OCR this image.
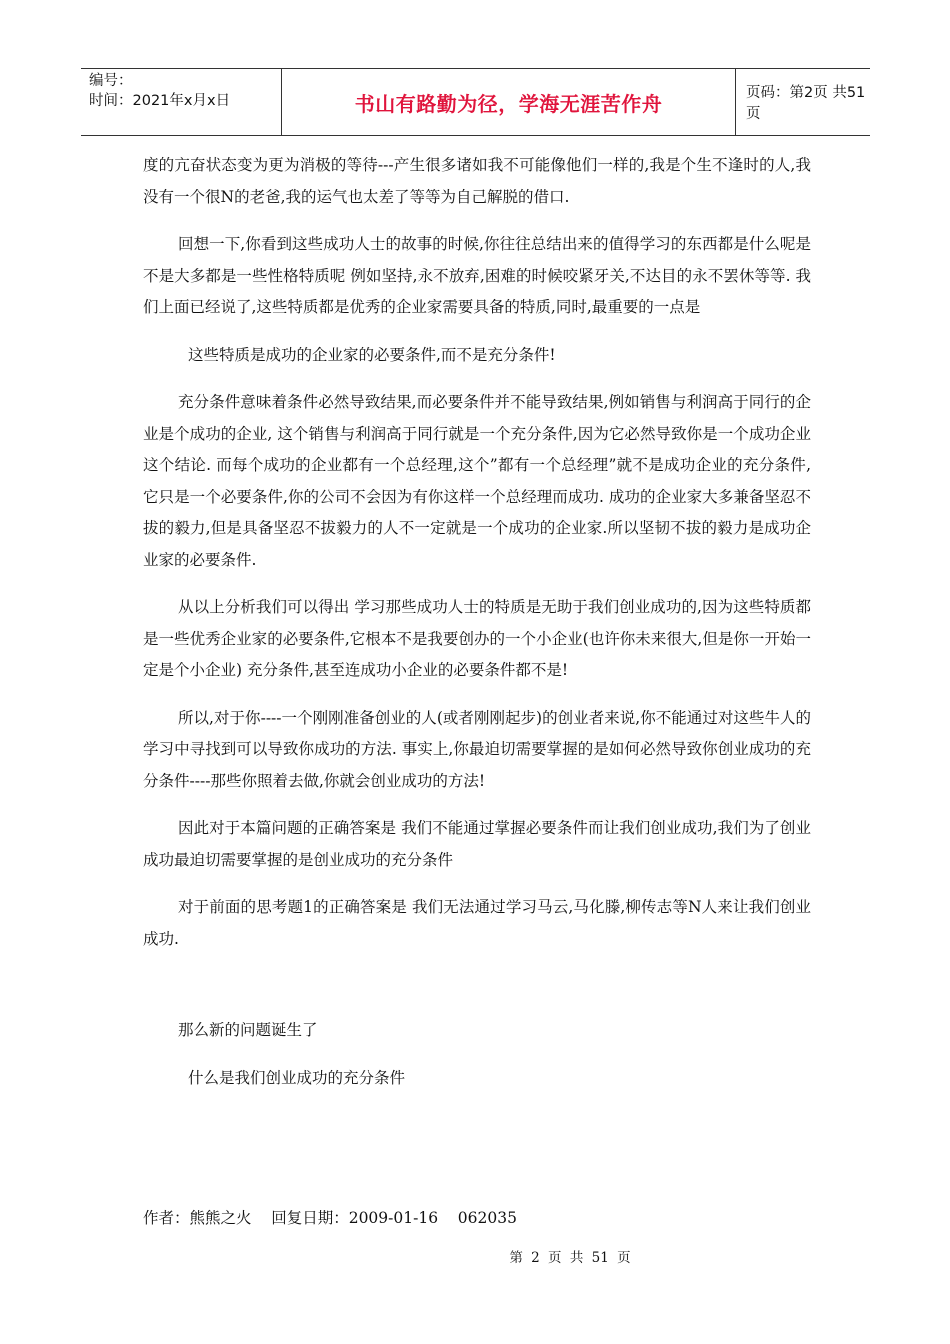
编号：
时间：2021年x月x日	书山有路勤为径，学海无涯苦作舟	页码：第2页 共51页

度的亢奋状态变为更为消极的等待---产生很多诸如我不可能像他们一样的,我是个生不逢时的人,我没有一个很N的老爸,我的运气也太差了等等为自己解脱的借口.

回想一下,你看到这些成功人士的故事的时候,你往往总结出来的值得学习的东西都是什么呢是不是大多都是一些性格特质呢 例如坚持,永不放弃,困难的时候咬紧牙关,不达目的永不罢休等等. 我们上面已经说了,这些特质都是优秀的企业家需要具备的特质,同时,最重要的一点是

这些特质是成功的企业家的必要条件,而不是充分条件!

充分条件意味着条件必然导致结果,而必要条件并不能导致结果,例如销售与利润高于同行的企业是个成功的企业, 这个销售与利润高于同行就是一个充分条件,因为它必然导致你是一个成功企业这个结论. 而每个成功的企业都有一个总经理,这个”都有一个总经理”就不是成功企业的充分条件,它只是一个必要条件,你的公司不会因为有你这样一个总经理而成功. 成功的企业家大多兼备坚忍不拔的毅力,但是具备坚忍不拔毅力的人不一定就是一个成功的企业家.所以坚韧不拔的毅力是成功企业家的必要条件.

从以上分析我们可以得出 学习那些成功人士的特质是无助于我们创业成功的,因为这些特质都是一些优秀企业家的必要条件,它根本不是我要创办的一个小企业(也许你未来很大,但是你一开始一定是个小企业) 充分条件,甚至连成功小企业的必要条件都不是!

所以,对于你----一个刚刚准备创业的人(或者刚刚起步)的创业者来说,你不能通过对这些牛人的学习中寻找到可以导致你成功的方法. 事实上,你最迫切需要掌握的是如何必然导致你创业成功的充分条件----那些你照着去做,你就会创业成功的方法!

因此对于本篇问题的正确答案是 我们不能通过掌握必要条件而让我们创业成功,我们为了创业成功最迫切需要掌握的是创业成功的充分条件

对于前面的思考题1的正确答案是 我们无法通过学习马云,马化滕,柳传志等N人来让我们创业成功.

那么新的问题诞生了

什么是我们创业成功的充分条件

作者：熊熊之火    回复日期：2009-01-16    062035
第 2 页 共 51 页
